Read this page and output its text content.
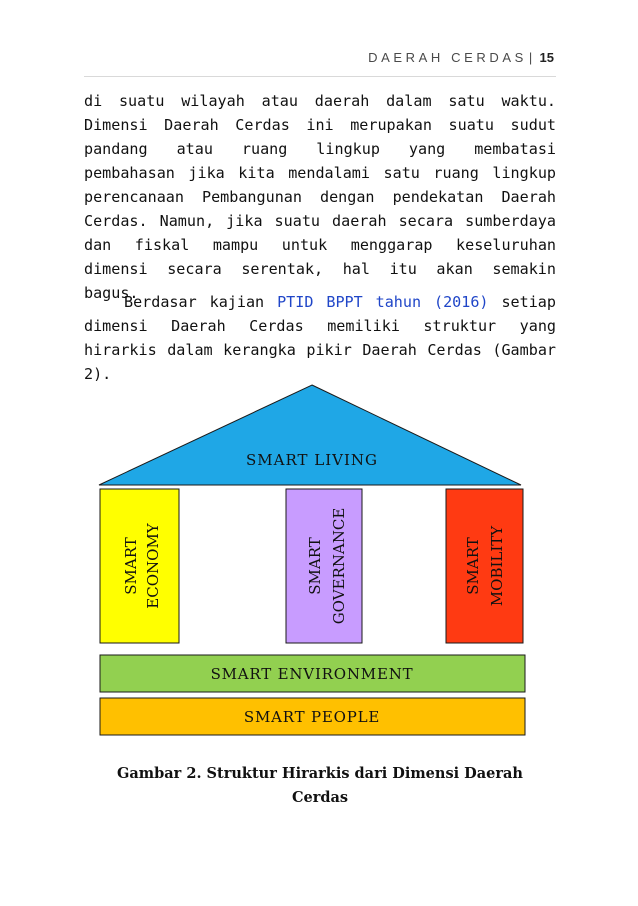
DAERAH CERDAS | 15

di suatu wilayah atau daerah dalam satu waktu. Dimensi Daerah Cerdas ini merupakan suatu sudut pandang atau ruang lingkup yang membatasi pembahasan jika kita mendalami satu ruang lingkup perencanaan Pembangunan dengan pendekatan Daerah Cerdas. Namun, jika suatu daerah secara sumberdaya dan fiskal mampu untuk menggarap keseluruhan dimensi secara serentak, hal itu akan semakin bagus.

Berdasar kajian PTID BPPT tahun (2016) setiap dimensi Daerah Cerdas memiliki struktur yang hirarkis dalam kerangka pikir Daerah Cerdas (Gambar 2).

SMART LIVING
SMART ECONOMY	SMART GOVERNANCE	SMART MOBILITY
SMART ENVIRONMENT
SMART PEOPLE
Gambar 2. Struktur Hirarkis dari Dimensi Daerah
Cerdas
